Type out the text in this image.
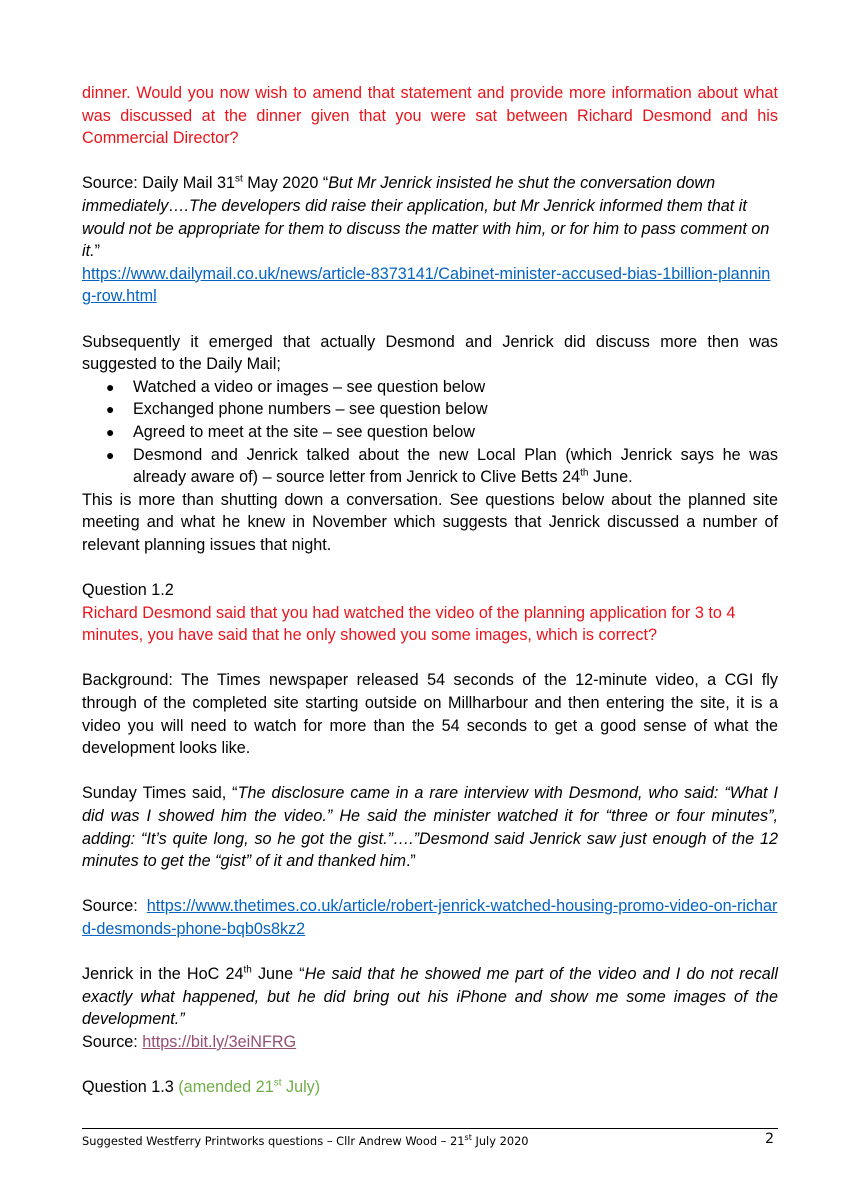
dinner. Would you now wish to amend that statement and provide more information about what was discussed at the dinner given that you were sat between Richard Desmond and his Commercial Director?

Source: Daily Mail 31st May 2020 “But Mr Jenrick insisted he shut the conversation down immediately….The developers did raise their application, but Mr Jenrick informed them that it would not be appropriate for them to discuss the matter with him, or for him to pass comment on it.”

https://www.dailymail.co.uk/news/article-8373141/Cabinet-minister-accused-bias-1billion-planning-row.html

Subsequently it emerged that actually Desmond and Jenrick did discuss more then was suggested to the Daily Mail;

● Watched a video or images – see question below
● Exchanged phone numbers – see question below
● Agreed to meet at the site – see question below
● Desmond and Jenrick talked about the new Local Plan (which Jenrick says he was already aware of) – source letter from Jenrick to Clive Betts 24th June.

This is more than shutting down a conversation. See questions below about the planned site meeting and what he knew in November which suggests that Jenrick discussed a number of relevant planning issues that night.

Question 1.2

Richard Desmond said that you had watched the video of the planning application for 3 to 4 minutes, you have said that he only showed you some images, which is correct?

Background: The Times newspaper released 54 seconds of the 12-minute video, a CGI fly through of the completed site starting outside on Millharbour and then entering the site, it is a video you will need to watch for more than the 54 seconds to get a good sense of what the development looks like.

Sunday Times said, “The disclosure came in a rare interview with Desmond, who said: “What I did was I showed him the video.” He said the minister watched it for “three or four minutes”, adding: “It’s quite long, so he got the gist.”….”Desmond said Jenrick saw just enough of the 12 minutes to get the “gist” of it and thanked him.”

Source:  https://www.thetimes.co.uk/article/robert-jenrick-watched-housing-promo-video-on-richard-desmonds-phone-bqb0s8kz2

Jenrick in the HoC 24th June “He said that he showed me part of the video and I do not recall exactly what happened, but he did bring out his iPhone and show me some images of the development.”

Source: https://bit.ly/3eiNFRG

Question 1.3 (amended 21st July)

Suggested Westferry Printworks questions – Cllr Andrew Wood – 21st July 2020	2
